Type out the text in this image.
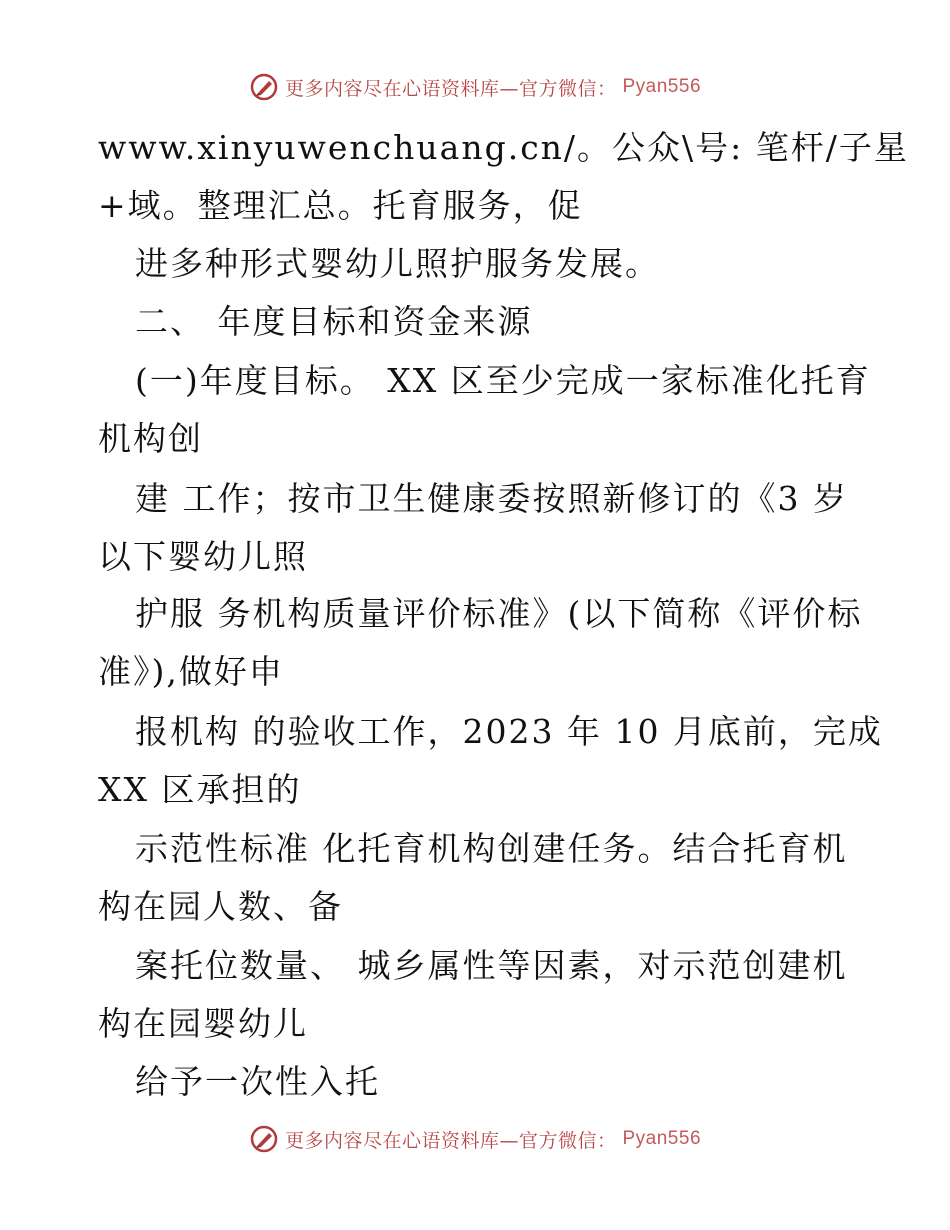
更多内容尽在心语资料库—官方微信： Pyan556
www.xinyuwenchuang.cn/。公众\号: 笔杆/子星
+域。整理汇总。托育服务，促
进多种形式婴幼儿照护服务发展。
二、 年度目标和资金来源
(一)年度目标。 XX 区至少完成一家标准化托育
机构创
建 工作；按市卫生健康委按照新修订的《3 岁
以下婴幼儿照
护服 务机构质量评价标准》(以下简称《评价标
准》),做好申
报机构 的验收工作，2023 年 10 月底前，完成
XX 区承担的
示范性标准 化托育机构创建任务。结合托育机
构在园人数、备
案托位数量、 城乡属性等因素，对示范创建机
构在园婴幼儿
给予一次性入托
更多内容尽在心语资料库—官方微信： Pyan556
